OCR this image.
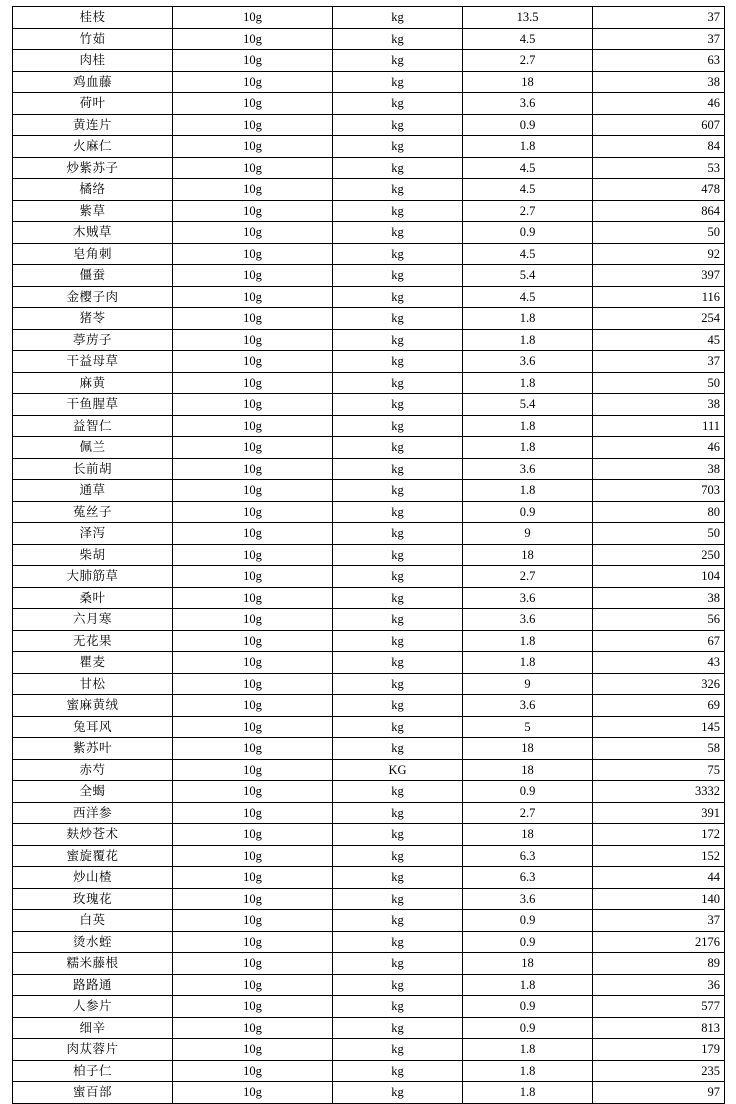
桂枝	10g	kg	13.5	37
竹茹	10g	kg	4.5	37
肉桂	10g	kg	2.7	63
鸡血藤	10g	kg	18	38
荷叶	10g	kg	3.6	46
黄连片	10g	kg	0.9	607
火麻仁	10g	kg	1.8	84
炒紫苏子	10g	kg	4.5	53
橘络	10g	kg	4.5	478
紫草	10g	kg	2.7	864
木贼草	10g	kg	0.9	50
皂角刺	10g	kg	4.5	92
僵蚕	10g	kg	5.4	397
金樱子肉	10g	kg	4.5	116
猪苓	10g	kg	1.8	254
葶苈子	10g	kg	1.8	45
干益母草	10g	kg	3.6	37
麻黄	10g	kg	1.8	50
干鱼腥草	10g	kg	5.4	38
益智仁	10g	kg	1.8	111
佩兰	10g	kg	1.8	46
长前胡	10g	kg	3.6	38
通草	10g	kg	1.8	703
菟丝子	10g	kg	0.9	80
泽泻	10g	kg	9	50
柴胡	10g	kg	18	250
大肺筋草	10g	kg	2.7	104
桑叶	10g	kg	3.6	38
六月寒	10g	kg	3.6	56
无花果	10g	kg	1.8	67
瞿麦	10g	kg	1.8	43
甘松	10g	kg	9	326
蜜麻黄绒	10g	kg	3.6	69
兔耳风	10g	kg	5	145
紫苏叶	10g	kg	18	58
赤芍	10g	KG	18	75
全蝎	10g	kg	0.9	3332
西洋参	10g	kg	2.7	391
麸炒苍术	10g	kg	18	172
蜜旋覆花	10g	kg	6.3	152
炒山楂	10g	kg	6.3	44
玫瑰花	10g	kg	3.6	140
白英	10g	kg	0.9	37
烫水蛭	10g	kg	0.9	2176
糯米藤根	10g	kg	18	89
路路通	10g	kg	1.8	36
人参片	10g	kg	0.9	577
细辛	10g	kg	0.9	813
肉苁蓉片	10g	kg	1.8	179
柏子仁	10g	kg	1.8	235
蜜百部	10g	kg	1.8	97
